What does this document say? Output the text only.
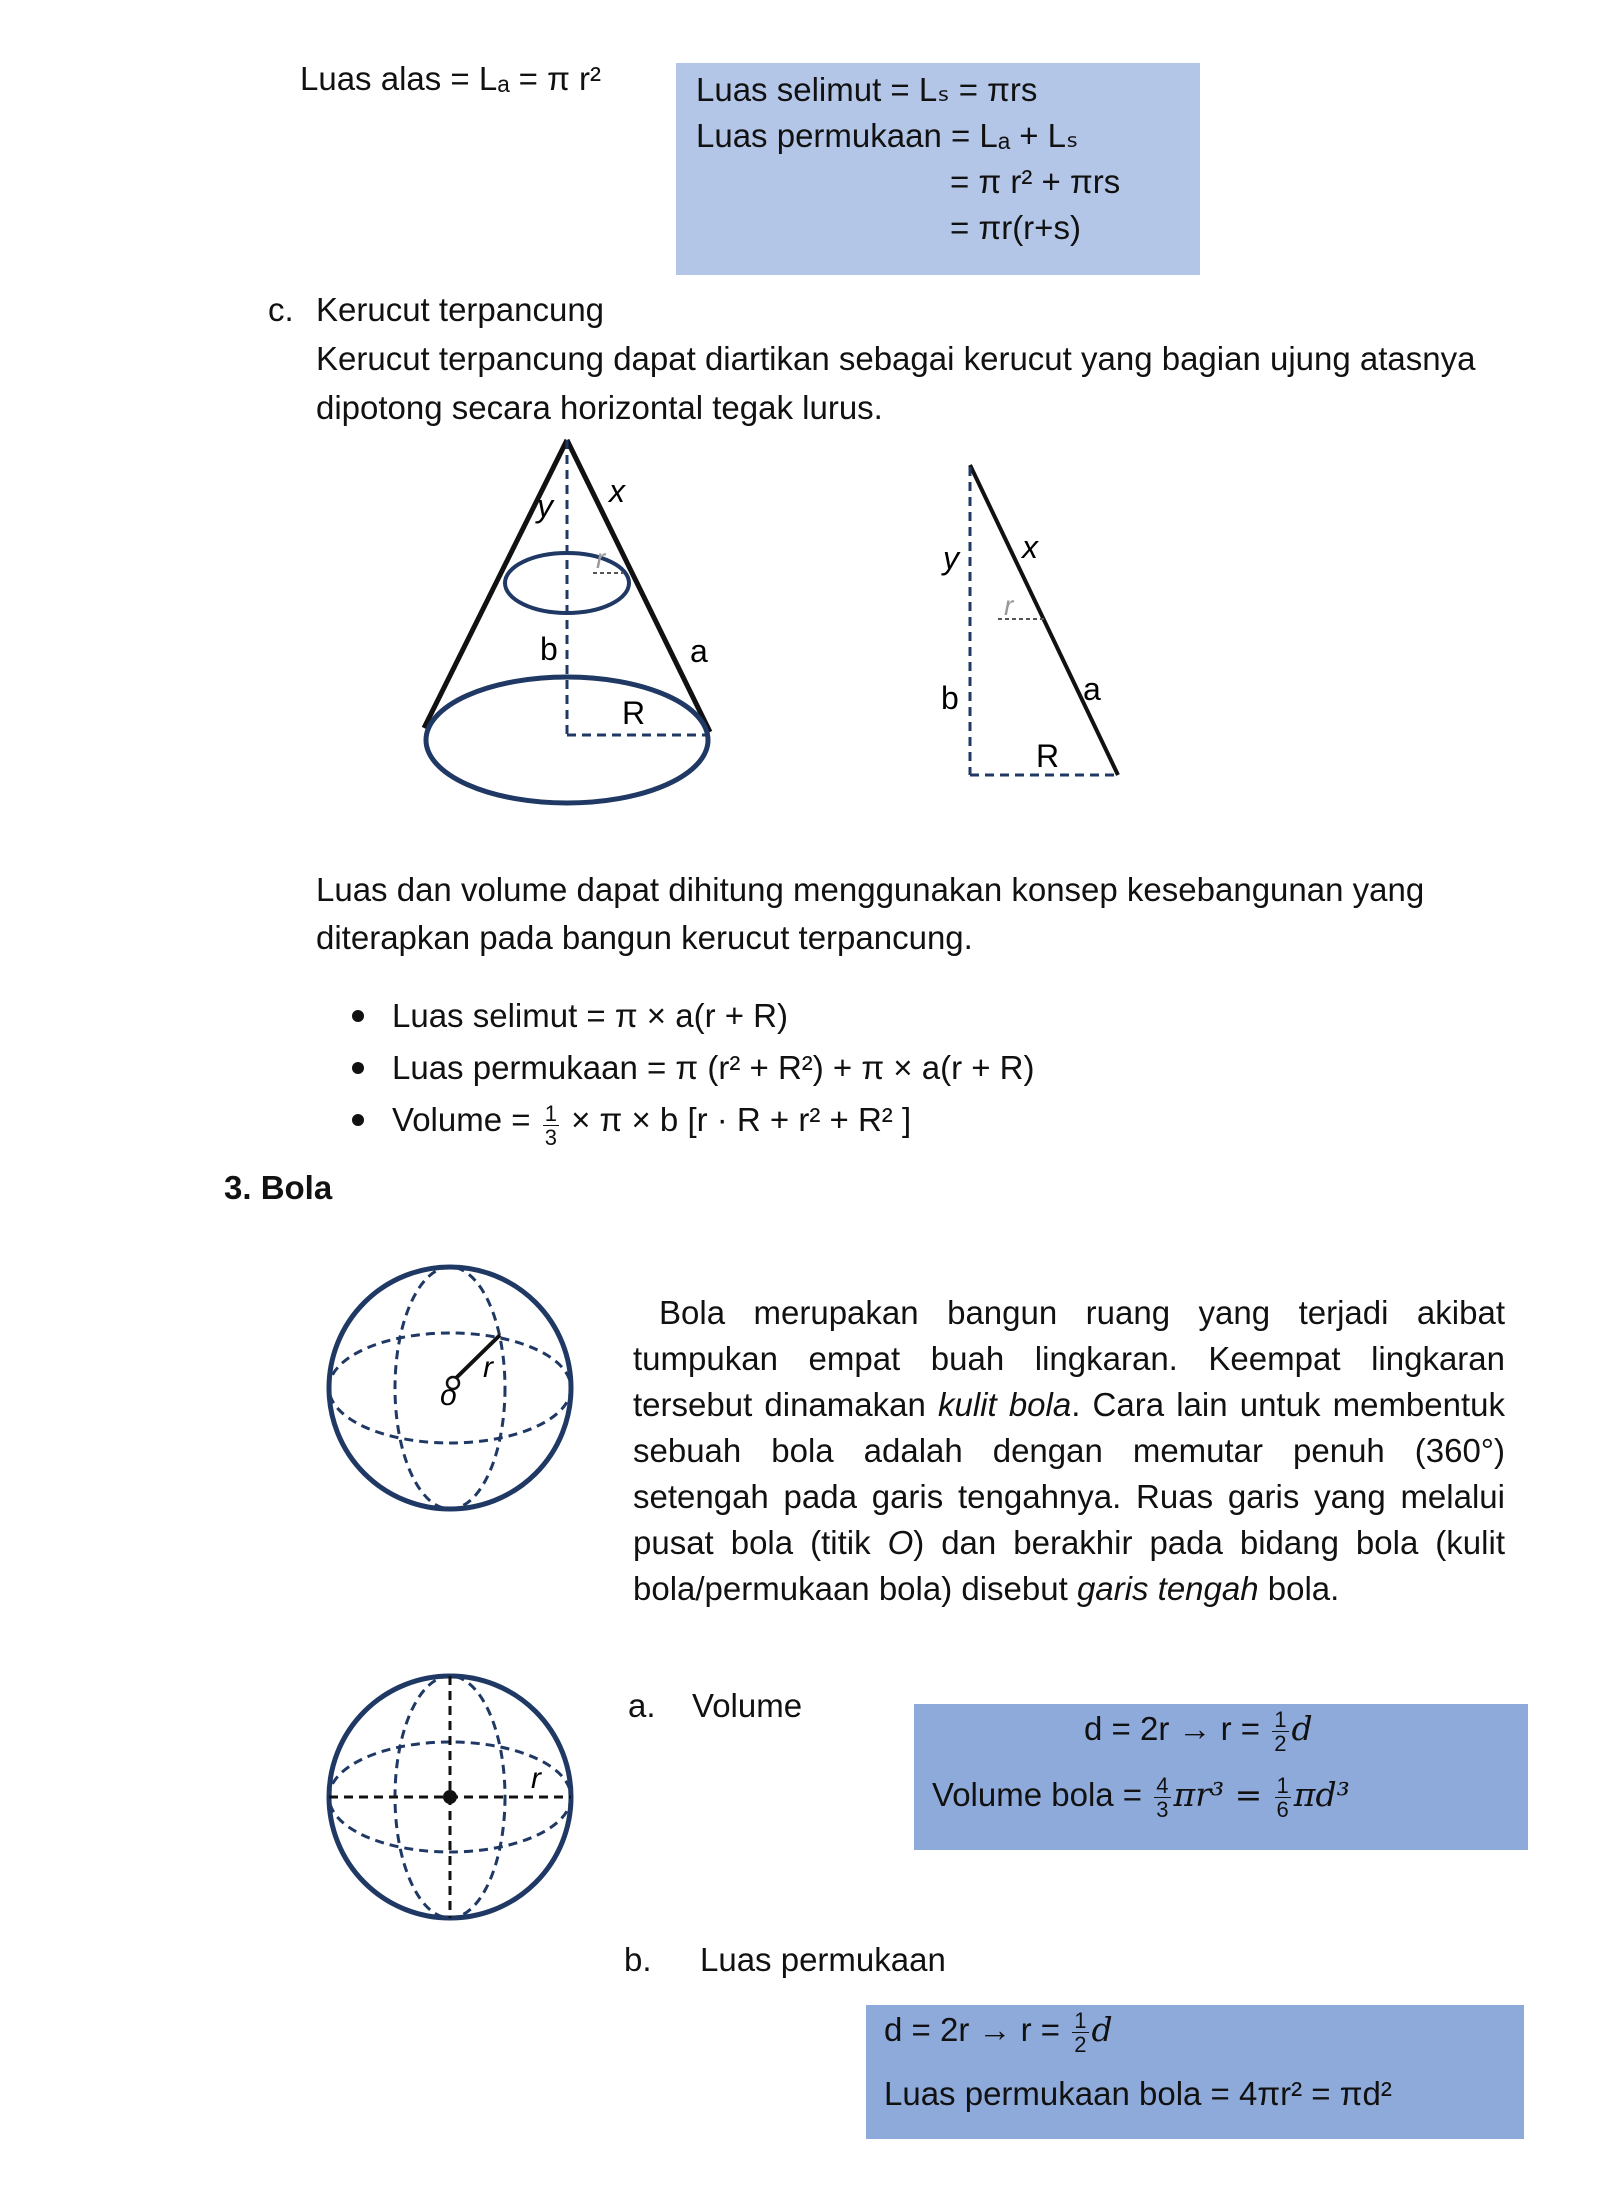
Luas alas = Lₐ = π r²	Luas selimut = Lₛ = πrs
Luas permukaan = Lₐ + Lₛ
= π r² + πrs
= πr(r+s)
c. Kerucut terpancung
Kerucut terpancung dapat diartikan sebagai kerucut yang bagian ujung atasnya
dipotong secara horizontal tegak lurus.
y x
r
b	a
R
y x
r
b	a
R
Luas dan volume dapat dihitung menggunakan konsep kesebangunan yang
diterapkan pada bangun kerucut terpancung.
Luas selimut = π × a(r + R)
Luas permukaan = π (r² + R²) + π × a(r + R)
Volume = $\frac{1}{3} \times \pi \times b$ [r · R + r² + R² ]
3. Bola
o
r

Bola merupakan bangun ruang yang terjadi akibat tumpukan empat buah lingkaran. Keempat lingkaran tersebut dinamakan kulit bola. Cara lain untuk membentuk sebuah bola adalah dengan memutar penuh (360°) setengah pada garis tengahnya. Ruas garis yang melalui pusat bola (titik O) dan berakhir pada bidang bola (kulit bola/permukaan bola) disebut garis tengah bola.

r
a. Volume
$d = 2r \to r = \frac{1}{2}$ d
Volume bola = $\frac{4}{3} \pi r^3 = \frac{1}{6} \pi d^3$
b. Luas permukaan
$d = 2r \to r = \frac{1}{2}$ d
Luas permukaan bola = 4πr² = πd²
